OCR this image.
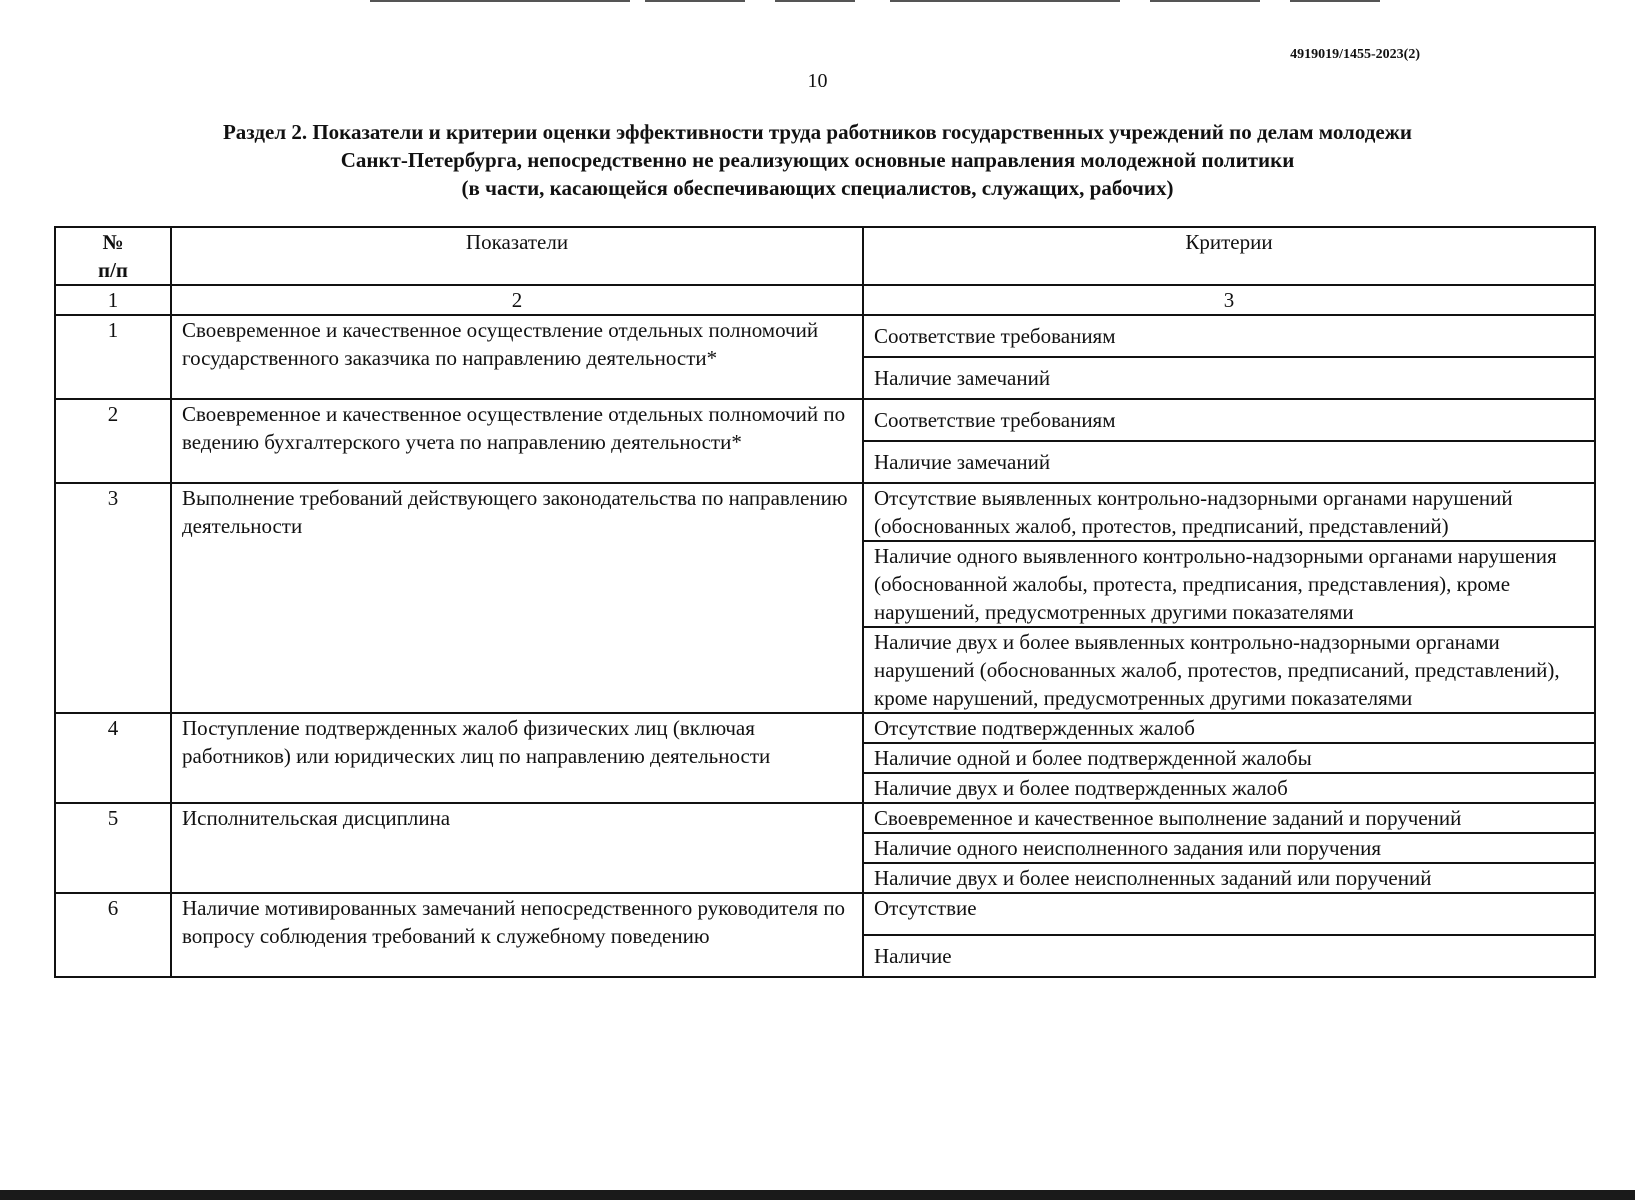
4919019/1455-2023(2)
10
Раздел 2. Показатели и критерии оценки эффективности труда работников государственных учреждений по делам молодежи
Санкт-Петербурга, непосредственно не реализующих основные направления молодежной политики
(в части, касающейся обеспечивающих специалистов, служащих, рабочих)
№
п/п	Показатели	Критерии
1	2	3
1	Своевременное и качественное осуществление отдельных полномочий государственного заказчика по направлению деятельности*	Соответствие требованиям
		Наличие замечаний
2	Своевременное и качественное осуществление отдельных полномочий по ведению бухгалтерского учета по направлению деятельности*	Соответствие требованиям
		Наличие замечаний
3	Выполнение требований действующего законодательства по направлению деятельности	Отсутствие выявленных контрольно-надзорными органами нарушений (обоснованных жалоб, протестов, предписаний, представлений)
		Наличие одного выявленного контрольно-надзорными органами нарушения (обоснованной жалобы, протеста, предписания, представления), кроме нарушений, предусмотренных другими показателями
		Наличие двух и более выявленных контрольно-надзорными органами нарушений (обоснованных жалоб, протестов, предписаний, представлений), кроме нарушений, предусмотренных другими показателями
4	Поступление подтвержденных жалоб физических лиц (включая работников) или юридических лиц по направлению деятельности	Отсутствие подтвержденных жалоб
		Наличие одной и более подтвержденной жалобы
		Наличие двух и более подтвержденных жалоб
5	Исполнительская дисциплина	Своевременное и качественное выполнение заданий и поручений
		Наличие одного неисполненного задания или поручения
		Наличие двух и более неисполненных заданий или поручений
6	Наличие мотивированных замечаний непосредственного руководителя по вопросу соблюдения требований к служебному поведению	Отсутствие
		Наличие
